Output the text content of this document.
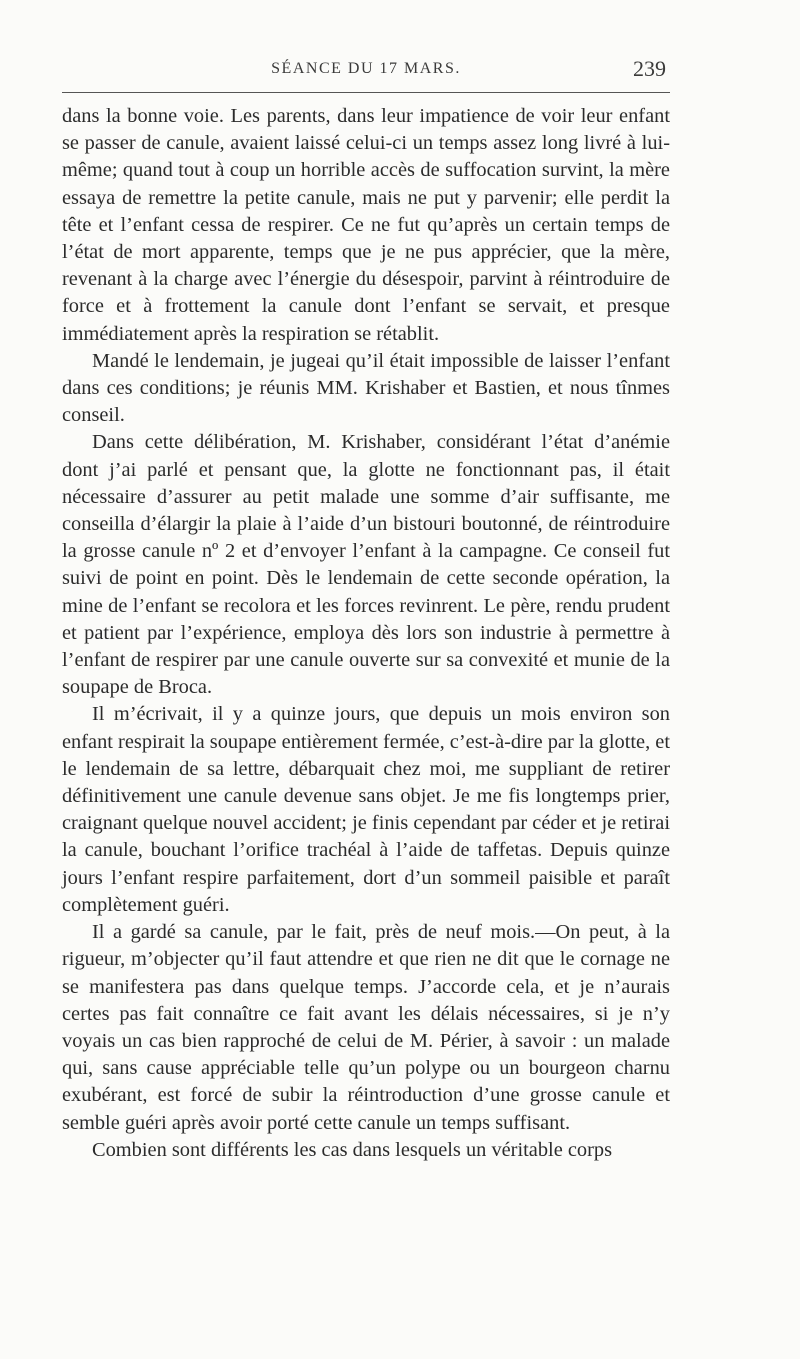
SÉANCE DU 17 MARS.	239

dans la bonne voie. Les parents, dans leur impatience de voir leur enfant se passer de canule, avaient laissé celui-ci un temps assez long livré à lui-même; quand tout à coup un horrible accès de suffocation survint, la mère essaya de remettre la petite canule, mais ne put y parvenir; elle perdit la tête et l’enfant cessa de respirer. Ce ne fut qu’après un certain temps de l’état de mort apparente, temps que je ne pus apprécier, que la mère, revenant à la charge avec l’énergie du désespoir, parvint à réintroduire de force et à frottement la canule dont l’enfant se servait, et presque immédiatement après la respiration se rétablit.

Mandé le lendemain, je jugeai qu’il était impossible de laisser l’enfant dans ces conditions; je réunis MM. Krishaber et Bastien, et nous tînmes conseil.

Dans cette délibération, M. Krishaber, considérant l’état d’anémie dont j’ai parlé et pensant que, la glotte ne fonctionnant pas, il était nécessaire d’assurer au petit malade une somme d’air suffisante, me conseilla d’élargir la plaie à l’aide d’un bistouri boutonné, de réintroduire la grosse canule nº 2 et d’envoyer l’enfant à la campagne. Ce conseil fut suivi de point en point. Dès le lendemain de cette seconde opération, la mine de l’enfant se recolora et les forces revinrent. Le père, rendu prudent et patient par l’expérience, employa dès lors son industrie à permettre à l’enfant de respirer par une canule ouverte sur sa convexité et munie de la soupape de Broca.

Il m’écrivait, il y a quinze jours, que depuis un mois environ son enfant respirait la soupape entièrement fermée, c’est-à-dire par la glotte, et le lendemain de sa lettre, débarquait chez moi, me suppliant de retirer définitivement une canule devenue sans objet. Je me fis longtemps prier, craignant quelque nouvel accident; je finis cependant par céder et je retirai la canule, bouchant l’orifice trachéal à l’aide de taffetas. Depuis quinze jours l’enfant respire parfaitement, dort d’un sommeil paisible et paraît complètement guéri.

Il a gardé sa canule, par le fait, près de neuf mois.—On peut, à la rigueur, m’objecter qu’il faut attendre et que rien ne dit que le cornage ne se manifestera pas dans quelque temps. J’accorde cela, et je n’aurais certes pas fait connaître ce fait avant les délais nécessaires, si je n’y voyais un cas bien rapproché de celui de M. Périer, à savoir : un malade qui, sans cause appréciable telle qu’un polype ou un bourgeon charnu exubérant, est forcé de subir la réintroduction d’une grosse canule et semble guéri après avoir porté cette canule un temps suffisant.

Combien sont différents les cas dans lesquels un véritable corps
